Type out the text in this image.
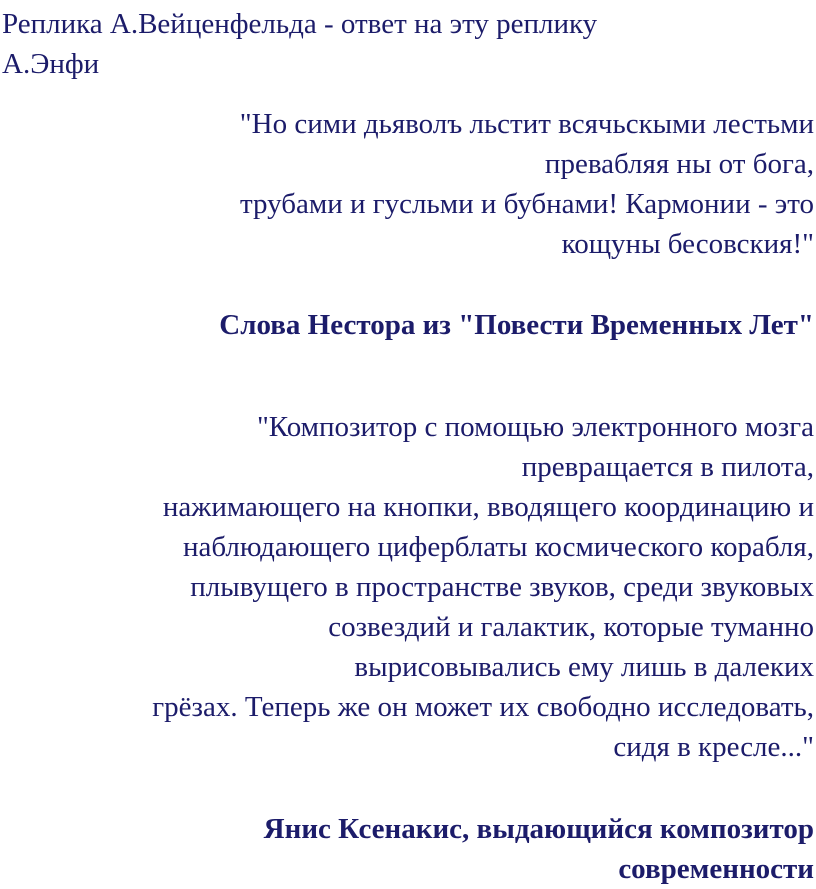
Реплика А.Вейценфельда - ответ на эту реплику
А.Энфи
"Но сими дьяволъ льстит всячьскыми лестьми
превабляя ны от бога,
трубами и гусльми и бубнами! Кармонии - это
кощуны бесовския!"
Слова Нестора из "Повести Временных Лет"
"Композитор с помощью электронного мозга
превращается в пилота,
нажимающего на кнопки, вводящего координацию и
наблюдающего циферблаты космического корабля,
плывущего в пространстве звуков, среди звуковых
созвездий и галактик, которые туманно
вырисовывались ему лишь в далеких
грёзах. Теперь же он может их свободно исследовать,
сидя в кресле..."
Янис Ксенакис, выдающийся композитор
современности
